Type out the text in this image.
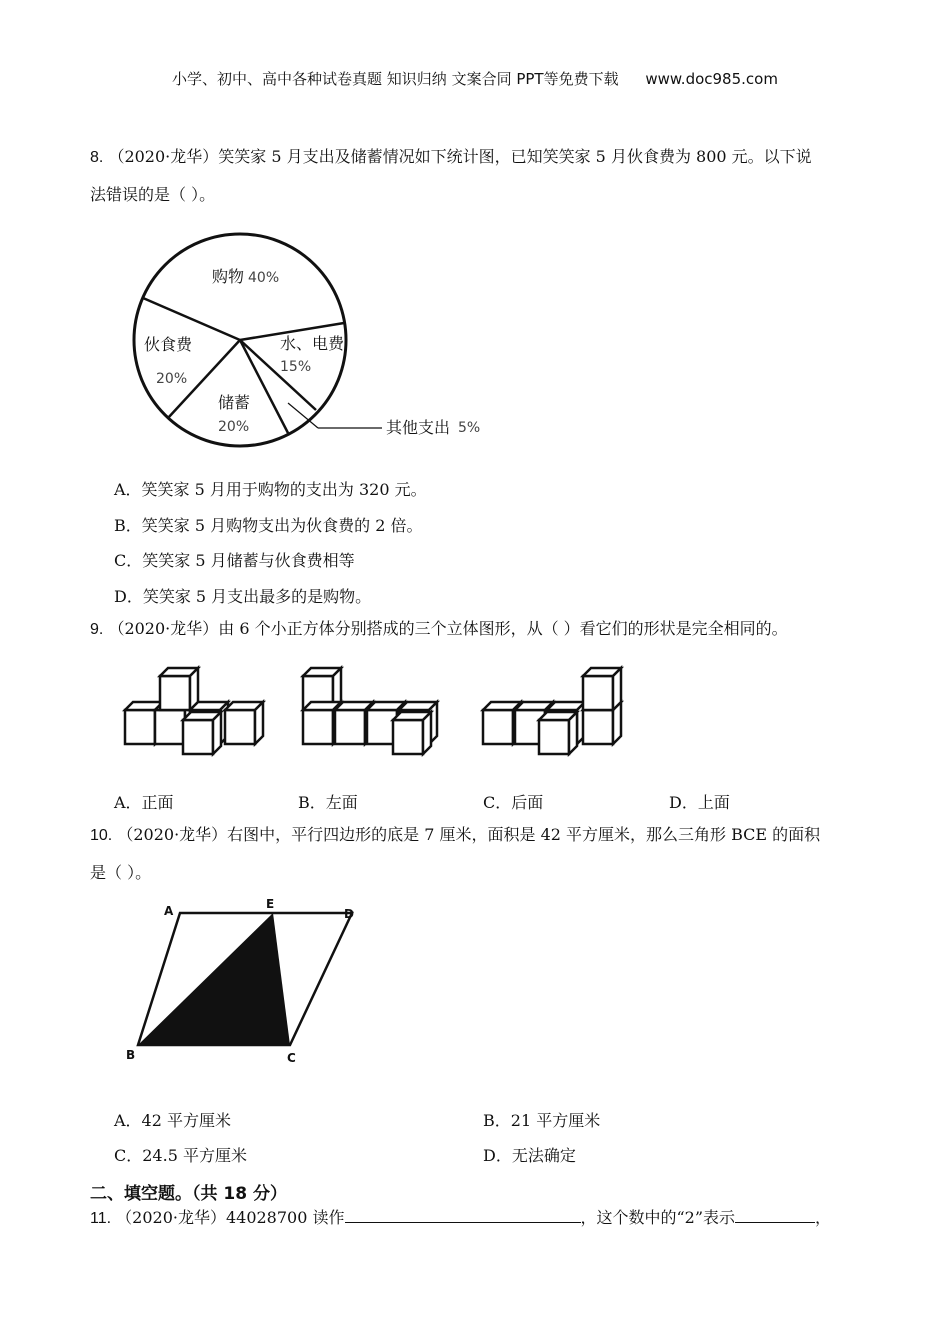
小学、初中、高中各种试卷真题 知识归纳 文案合同 PPT等免费下载 www.doc985.com
8. （2020·龙华）笑笑家 5 月支出及储蓄情况如下统计图，已知笑笑家 5 月伙食费为 800 元。以下说
法错误的是（ ）。
购物 40%
水、电费
15%
其他支出 5%
储蓄
20%
伙食费
20%
A．笑笑家 5 月用于购物的支出为 320 元。
B．笑笑家 5 月购物支出为伙食费的 2 倍。
C．笑笑家 5 月储蓄与伙食费相等
D．笑笑家 5 月支出最多的是购物。
9. （2020·龙华）由 6 个小正方体分别搭成的三个立体图形，从（ ）看它们的形状是完全相同的。
A．正面	B．左面	C．后面	D．上面
10. （2020·龙华）右图中，平行四边形的底是 7 厘米，面积是 42 平方厘米，那么三角形 BCE 的面积
是（ ）。
A	E
D
B	C
A．42 平方厘米	B．21 平方厘米
C．24.5 平方厘米	D．无法确定
二、填空题。（共 18 分）
11. （2020·龙华）44028700 读作	，这个数中的“2”表示	，
